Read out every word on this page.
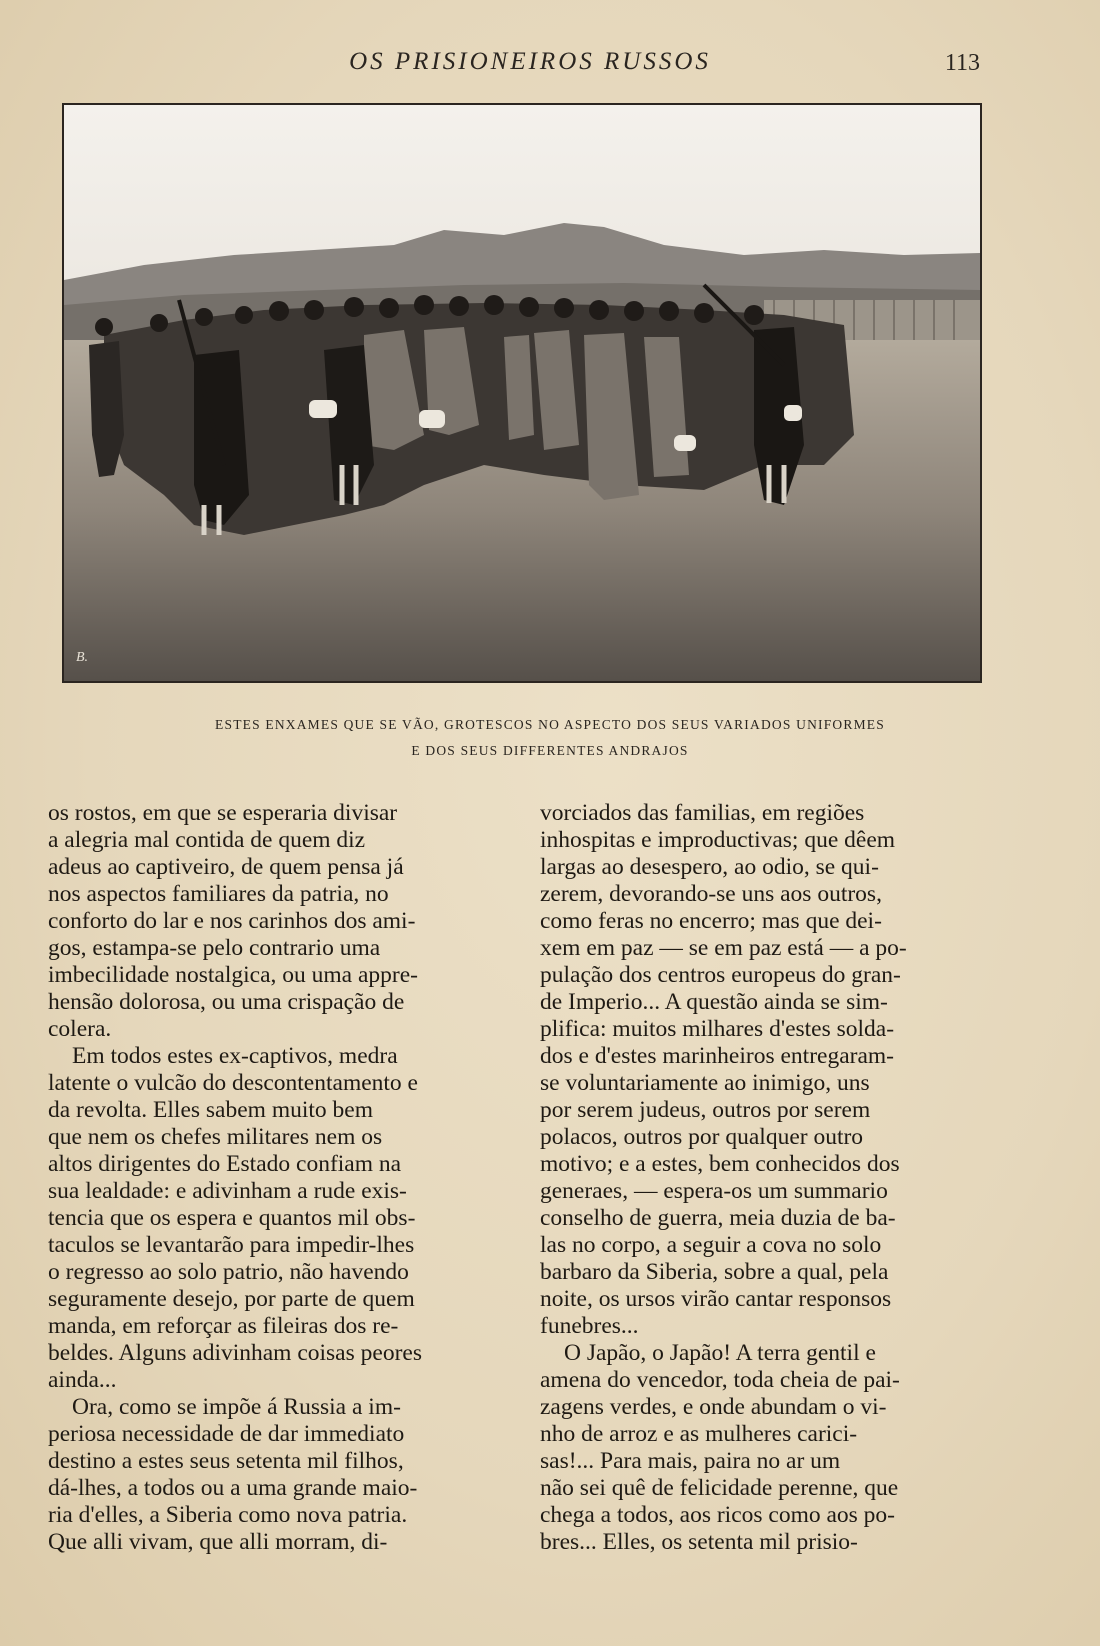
OS PRISIONEIROS RUSSOS	113
B.
ESTES ENXAMES QUE SE VÃO, GROTESCOS NO ASPECTO DOS SEUS VARIADOS UNIFORMES
E DOS SEUS DIFFERENTES ANDRAJOS
os rostos, em que se esperaria divisar
a alegria mal contida de quem diz
adeus ao captiveiro, de quem pensa já
nos aspectos familiares da patria, no
conforto do lar e nos carinhos dos ami-
gos, estampa-se pelo contrario uma
imbecilidade nostalgica, ou uma appre-
hensão dolorosa, ou uma crispação de
colera.
Em todos estes ex-captivos, medra
latente o vulcão do descontentamento e
da revolta. Elles sabem muito bem
que nem os chefes militares nem os
altos dirigentes do Estado confiam na
sua lealdade: e adivinham a rude exis-
tencia que os espera e quantos mil obs-
taculos se levantarão para impedir-lhes
o regresso ao solo patrio, não havendo
seguramente desejo, por parte de quem
manda, em reforçar as fileiras dos re-
beldes. Alguns adivinham coisas peores
ainda...
Ora, como se impõe á Russia a im-
periosa necessidade de dar immediato
destino a estes seus setenta mil filhos,
dá-lhes, a todos ou a uma grande maio-
ria d'elles, a Siberia como nova patria.
Que alli vivam, que alli morram, di-
vorciados das familias, em regiões
inhospitas e improductivas; que dêem
largas ao desespero, ao odio, se qui-
zerem, devorando-se uns aos outros,
como feras no encerro; mas que dei-
xem em paz — se em paz está — a po-
pulação dos centros europeus do gran-
de Imperio... A questão ainda se sim-
plifica: muitos milhares d'estes solda-
dos e d'estes marinheiros entregaram-
se voluntariamente ao inimigo, uns
por serem judeus, outros por serem
polacos, outros por qualquer outro
motivo; e a estes, bem conhecidos dos
generaes, — espera-os um summario
conselho de guerra, meia duzia de ba-
las no corpo, a seguir a cova no solo
barbaro da Siberia, sobre a qual, pela
noite, os ursos virão cantar responsos
funebres...
O Japão, o Japão! A terra gentil e
amena do vencedor, toda cheia de pai-
zagens verdes, e onde abundam o vi-
nho de arroz e as mulheres carici-
sas!... Para mais, paira no ar um
não sei quê de felicidade perenne, que
chega a todos, aos ricos como aos po-
bres... Elles, os setenta mil prisio-
